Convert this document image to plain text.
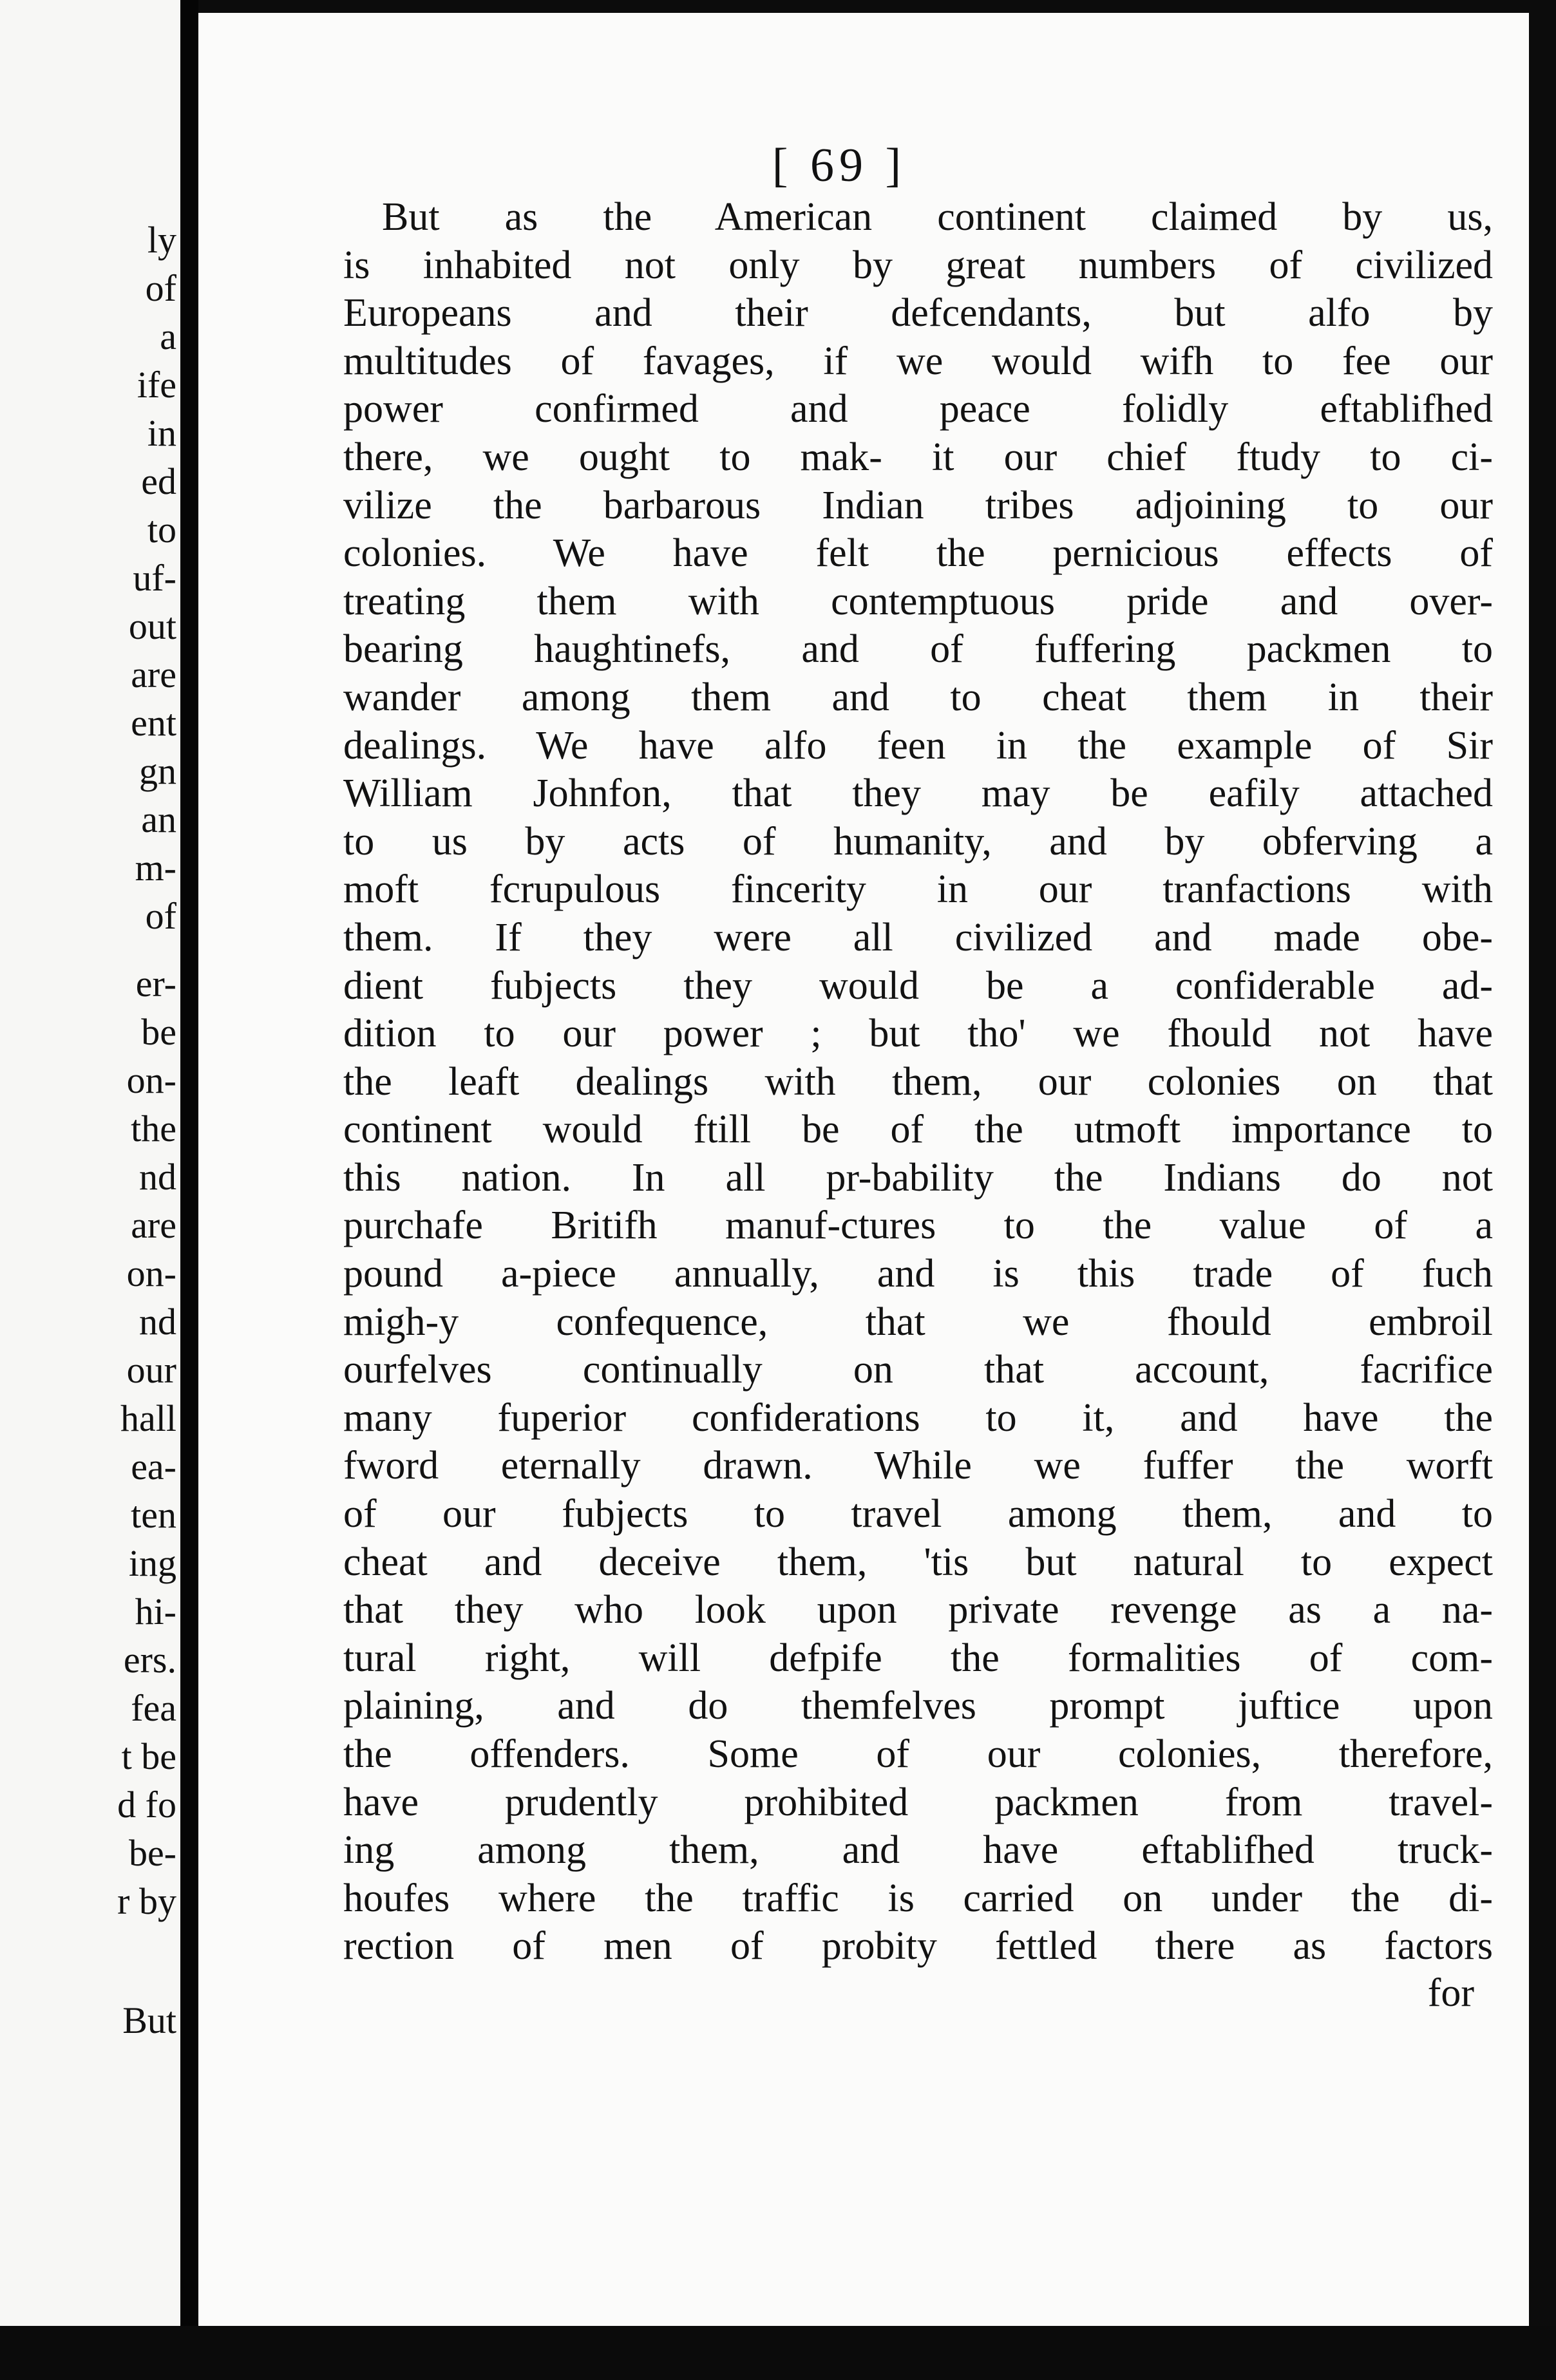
ly
of
a
ife
in
ed
to
uf-
out
are
ent
gn
an
m-
of
er-
be
on-
the
nd
are
on-
nd
our
hall
ea-
ten
ing
hi-
ers.
fea
t be
d fo
be-
r by
But
[ 69 ]
But as the American continent claimed by us,
is inhabited not only by great numbers of civilized
Europeans and their defcendants, but alfo by
multitudes of favages, if we would wifh to fee our
power confirmed and peace folidly eftablifhed
there, we ought to mak- it our chief ftudy to ci-
vilize the barbarous Indian tribes adjoining to our
colonies. We have felt the pernicious effects of
treating them with contemptuous pride and over-
bearing haughtinefs, and of fuffering packmen to
wander among them and to cheat them in their
dealings. We have alfo feen in the example of Sir
William Johnfon, that they may be eafily attached
to us by acts of humanity, and by obferving a
moft fcrupulous fincerity in our tranfactions with
them. If they were all civilized and made obe-
dient fubjects they would be a confiderable ad-
dition to our power ; but tho' we fhould not have
the leaft dealings with them, our colonies on that
continent would ftill be of the utmoft importance to
this nation. In all pr-bability the Indians do not
purchafe Britifh manuf-ctures to the value of a
pound a-piece annually, and is this trade of fuch
migh-y confequence, that we fhould embroil
ourfelves continually on that account, facrifice
many fuperior confiderations to it, and have the
fword eternally drawn. While we fuffer the worft
of our fubjects to travel among them, and to
cheat and deceive them, 'tis but natural to expect
that they who look upon private revenge as a na-
tural right, will defpife the formalities of com-
plaining, and do themfelves prompt juftice upon
the offenders. Some of our colonies, therefore,
have prudently prohibited packmen from travel-
ing among them, and have eftablifhed truck-
houfes where the traffic is carried on under the di-
rection of men of probity fettled there as factors
for
